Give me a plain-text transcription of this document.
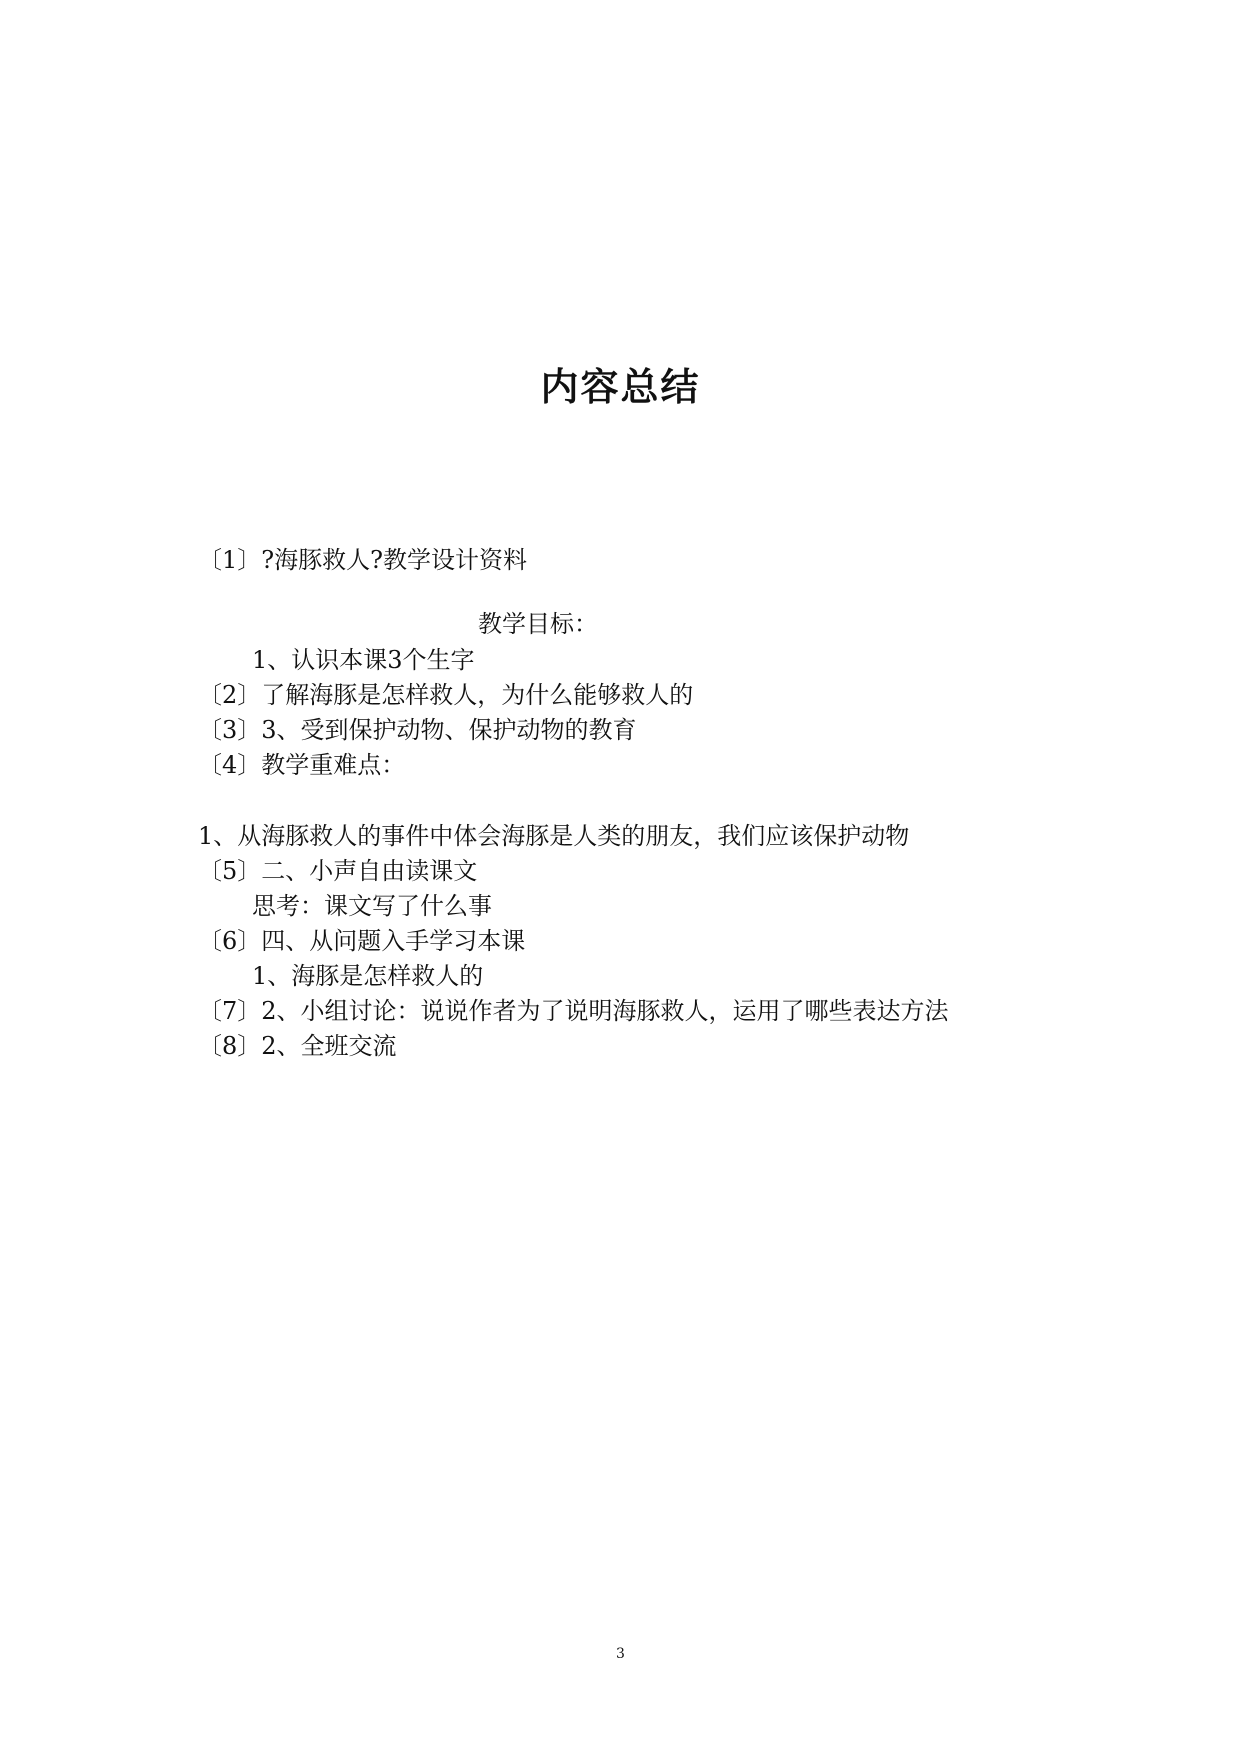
内容总结
〔1〕?海豚救人?教学设计资料
教学目标：
1、认识本课3个生字
〔2〕了解海豚是怎样救人，为什么能够救人的
〔3〕3、受到保护动物、保护动物的教育
〔4〕教学重难点：
1、从海豚救人的事件中体会海豚是人类的朋友，我们应该保护动物
〔5〕二、小声自由读课文
思考：课文写了什么事
〔6〕四、从问题入手学习本课
1、海豚是怎样救人的
〔7〕2、小组讨论：说说作者为了说明海豚救人，运用了哪些表达方法
〔8〕2、全班交流
3
